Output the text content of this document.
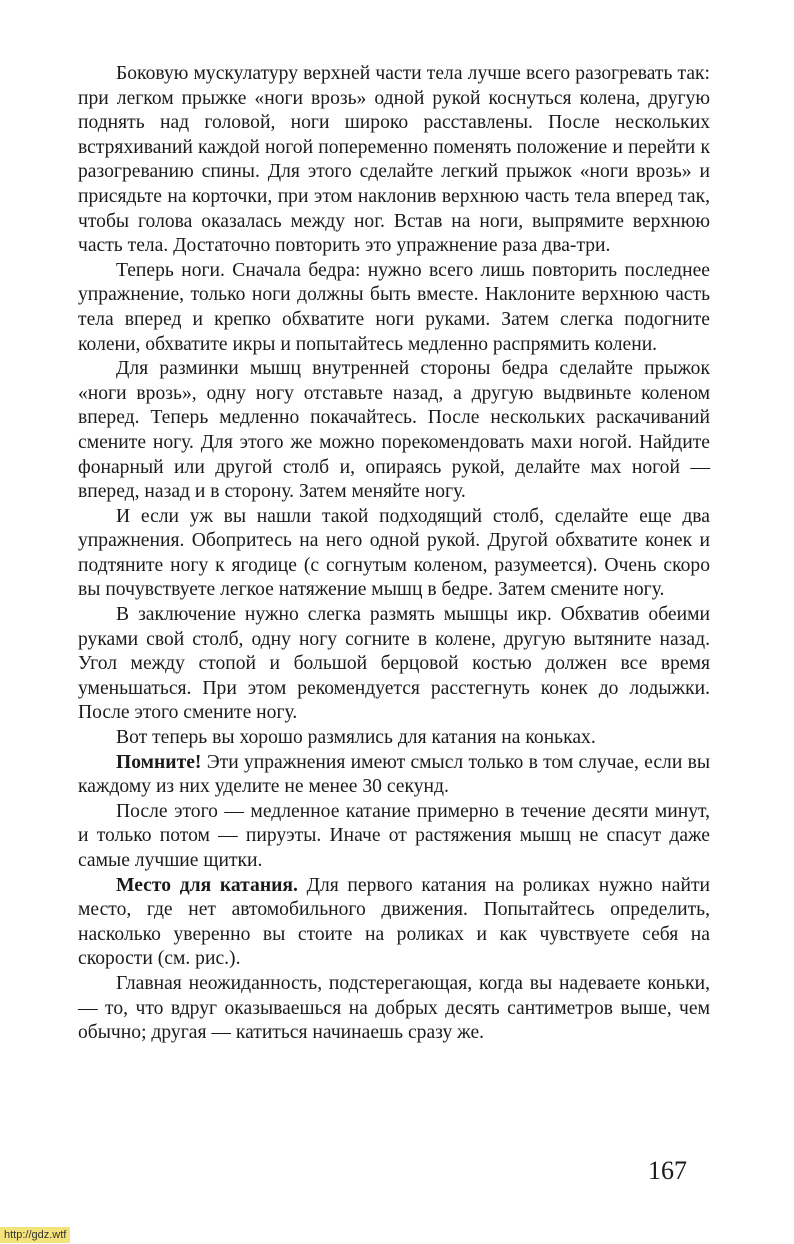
Боковую мускулатуру верхней части тела лучше всего разогревать так: при легком прыжке «ноги врозь» одной рукой коснуться колена, другую поднять над головой, ноги широко расставлены. После нескольких встряхиваний каждой ногой попеременно поменять положение и перейти к разогреванию спины. Для этого сделайте легкий прыжок «ноги врозь» и присядьте на корточки, при этом наклонив верхнюю часть тела вперед так, чтобы голова оказалась между ног. Встав на ноги, выпрямите верхнюю часть тела. Достаточно повторить это упражнение раза два-три.

Теперь ноги. Сначала бедра: нужно всего лишь повторить последнее упражнение, только ноги должны быть вместе. Наклоните верхнюю часть тела вперед и крепко обхватите ноги руками. Затем слегка подогните колени, обхватите икры и попытайтесь медленно распрямить колени.

Для разминки мышц внутренней стороны бедра сделайте прыжок «ноги врозь», одну ногу отставьте назад, а другую выдвиньте коленом вперед. Теперь медленно покачайтесь. После нескольких раскачиваний смените ногу. Для этого же можно порекомендовать махи ногой. Найдите фонарный или другой столб и, опираясь рукой, делайте мах ногой — вперед, назад и в сторону. Затем меняйте ногу.

И если уж вы нашли такой подходящий столб, сделайте еще два упражнения. Обопритесь на него одной рукой. Другой обхватите конек и подтяните ногу к ягодице (с согнутым коленом, разумеется). Очень скоро вы почувствуете легкое натяжение мышц в бедре. Затем смените ногу.

В заключение нужно слегка размять мышцы икр. Обхватив обеими руками свой столб, одну ногу согните в колене, другую вытяните назад. Угол между стопой и большой берцовой костью должен все время уменьшаться. При этом рекомендуется расстегнуть конек до лодыжки. После этого смените ногу.

Вот теперь вы хорошо размялись для катания на коньках.

Помните! Эти упражнения имеют смысл только в том случае, если вы каждому из них уделите не менее 30 секунд.

После этого — медленное катание примерно в течение десяти минут, и только потом — пируэты. Иначе от растяжения мышц не спасут даже самые лучшие щитки.

Место для катания. Для первого катания на роликах нужно найти место, где нет автомобильного движения. Попытайтесь определить, насколько уверенно вы стоите на роликах и как чувствуете себя на скорости (см. рис.).

Главная неожиданность, подстерегающая, когда вы надеваете коньки, — то, что вдруг оказываешься на добрых десять сантиметров выше, чем обычно; другая — катиться начинаешь сразу же.

167
http://gdz.wtf
